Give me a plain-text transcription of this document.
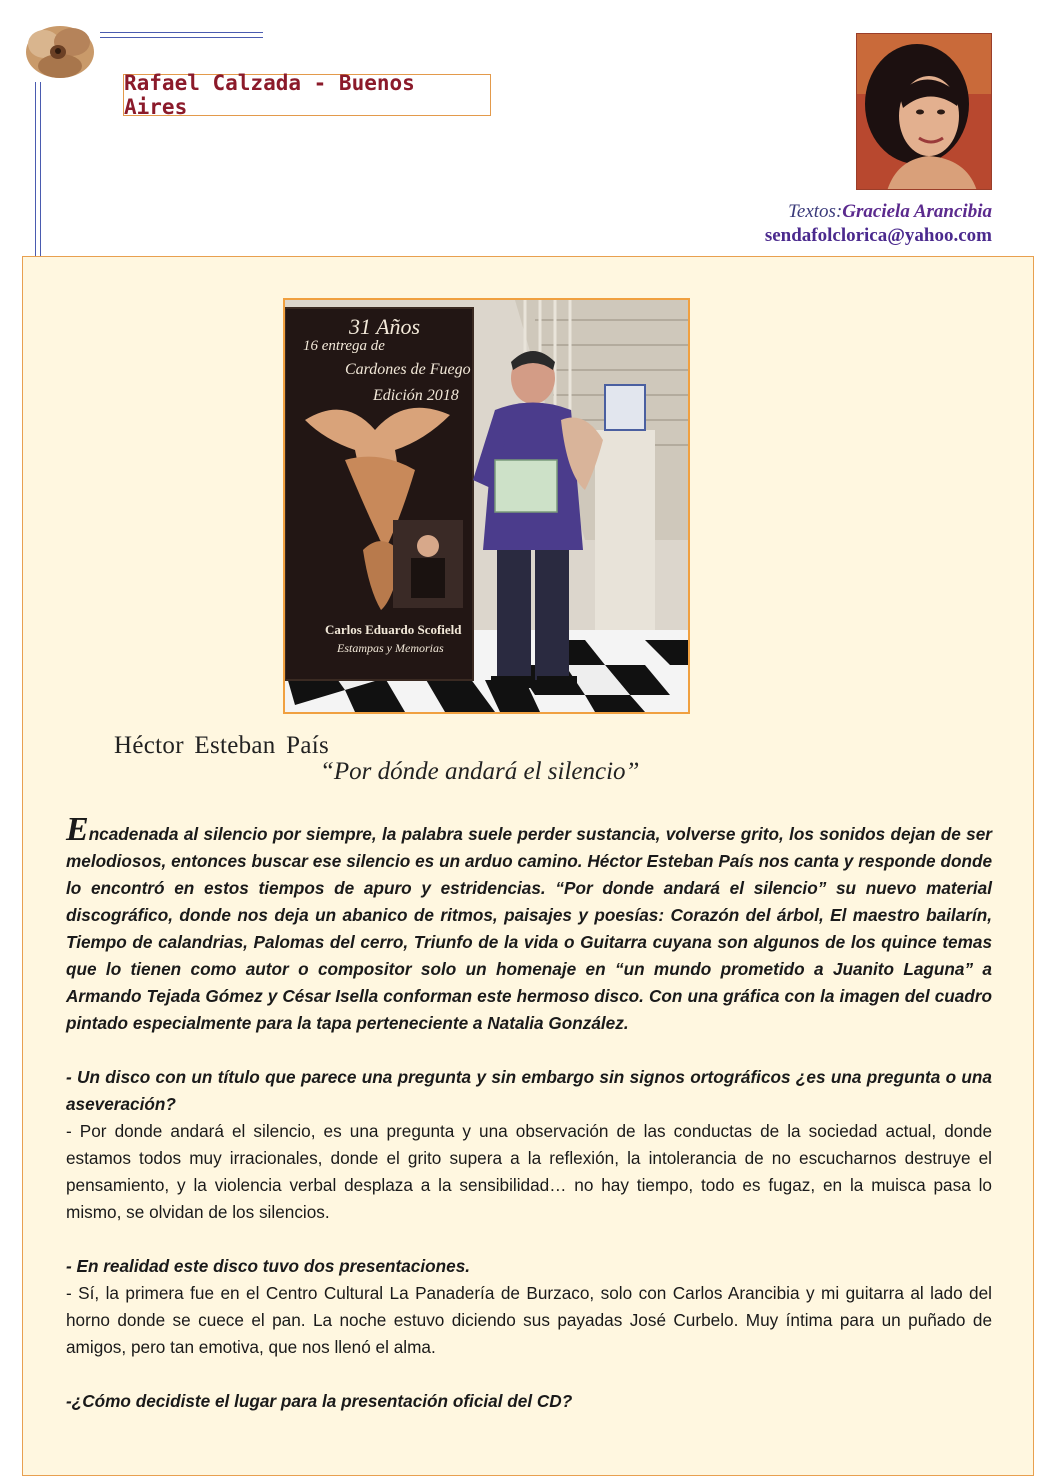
Rafael Calzada - Buenos Aires
Textos:Graciela Arancibia
sendafolclorica@yahoo.com
31 Años
16 entrega de
Cardones de Fuego
Edición 2018
Carlos Eduardo Scofield
Estampas y Memorias
Héctor Esteban País
“Por dónde andará el silencio”

Encadenada al silencio por siempre, la palabra suele perder sustancia, volverse grito, los sonidos dejan de ser melodiosos, entonces buscar ese silencio es un arduo camino. Héctor Esteban País nos canta y responde donde lo encontró en estos tiempos de apuro y estridencias. “Por donde andará el silencio” su nuevo material discográfico, donde nos deja un abanico de ritmos, paisajes y poesías: Corazón del árbol, El maestro bailarín, Tiempo de calandrias, Palomas del cerro, Triunfo de la vida o Guitarra cuyana son algunos de los quince temas que lo tienen como autor o compositor solo un homenaje en “un mundo prometido a Juanito Laguna” a Armando Tejada Gómez y César Isella conforman este hermoso disco. Con una gráfica con la imagen del cuadro pintado especialmente para la tapa perteneciente a Natalia González.

- Un disco con un título que parece una pregunta y sin embargo sin signos ortográficos ¿es una pregunta o una aseveración?

- Por donde andará el silencio, es una pregunta y una observación de las conductas de la sociedad actual, donde estamos todos muy irracionales, donde el grito supera a la reflexión, la intolerancia de no escucharnos destruye el pensamiento, y la violencia verbal desplaza a la sensibilidad… no hay tiempo, todo es fugaz, en la muisca pasa lo mismo, se olvidan de los silencios.

- En realidad este disco tuvo dos presentaciones.

- Sí, la primera fue en el Centro Cultural La Panadería de Burzaco, solo con Carlos Arancibia y mi guitarra al lado del horno donde se cuece el pan. La noche estuvo diciendo sus payadas José Curbelo. Muy íntima para un puñado de amigos, pero tan emotiva, que nos llenó el alma.

-¿Cómo decidiste el lugar para la presentación oficial del CD?
